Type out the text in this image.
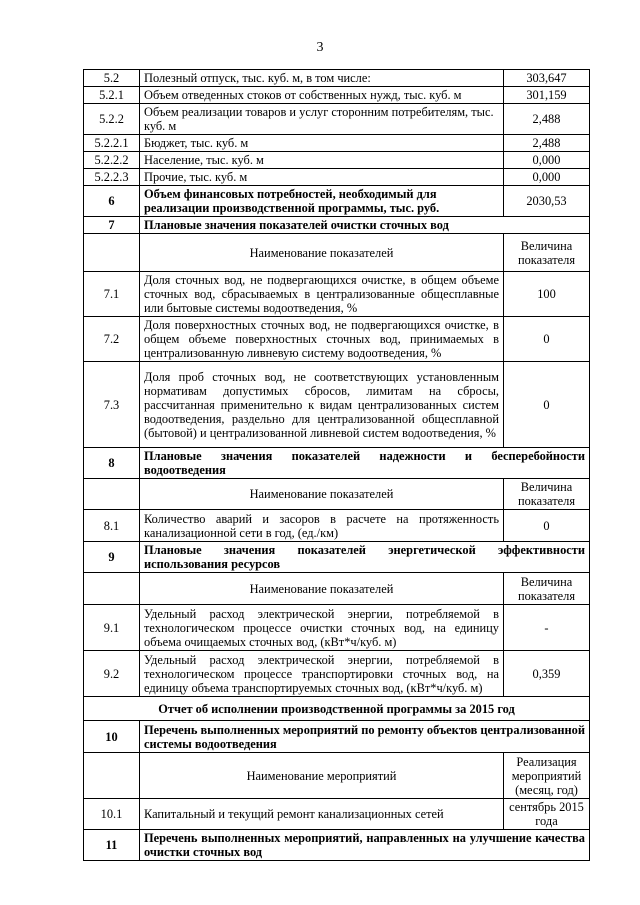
3
5.2	Полезный отпуск, тыс. куб. м, в том числе:	303,647
5.2.1	Объем отведенных стоков от собственных нужд, тыс. куб. м	301,159
5.2.2	Объем реализации товаров и услуг сторонним потребителям, тыс. куб. м	2,488
5.2.2.1	Бюджет, тыс. куб. м	2,488
5.2.2.2	Население, тыс. куб. м	0,000
5.2.2.3	Прочие, тыс. куб. м	0,000
6	Объем финансовых потребностей, необходимый для реализации производственной программы, тыс. руб.	2030,53
7	Плановые значения показателей очистки сточных вод	
	Наименование показателей	Величина показателя
7.1	Доля сточных вод, не подвергающихся очистке, в общем объеме сточных вод, сбрасываемых в централизованные общесплавные или бытовые системы водоотведения, %	100
7.2	Доля поверхностных сточных вод, не подвергающихся очистке, в общем объеме поверхностных сточных вод, принимаемых в централизованную ливневую систему водоотведения, %	0
7.3	Доля проб сточных вод, не соответствующих установленным нормативам допустимых сбросов, лимитам на сбросы, рассчитанная применительно к видам централизованных систем водоотведения, раздельно для централизованной общесплавной (бытовой) и централизованной ливневой систем водоотведения, %	0
8	Плановые значения показателей надежности и бесперебойности водоотведения	
	Наименование показателей	Величина показателя
8.1	Количество аварий и засоров в расчете на протяженность канализационной сети в год, (ед./км)	0
9	Плановые значения показателей энергетической эффективности использования ресурсов	
	Наименование показателей	Величина показателя
9.1	Удельный расход электрической энергии, потребляемой в технологическом процессе очистки сточных вод, на единицу объема очищаемых сточных вод, (кВт*ч/куб. м)	-
9.2	Удельный расход электрической энергии, потребляемой в технологическом процессе транспортировки сточных вод, на единицу объема транспортируемых сточных вод, (кВт*ч/куб. м)	0,359
Отчет об исполнении производственной программы за 2015 год		
10	Перечень выполненных мероприятий по ремонту объектов централизованной системы водоотведения	
	Наименование мероприятий	Реализация мероприятий (месяц, год)
10.1	Капитальный и текущий ремонт канализационных сетей	сентябрь 2015 года
11	Перечень выполненных мероприятий, направленных на улучшение качества очистки сточных вод	
